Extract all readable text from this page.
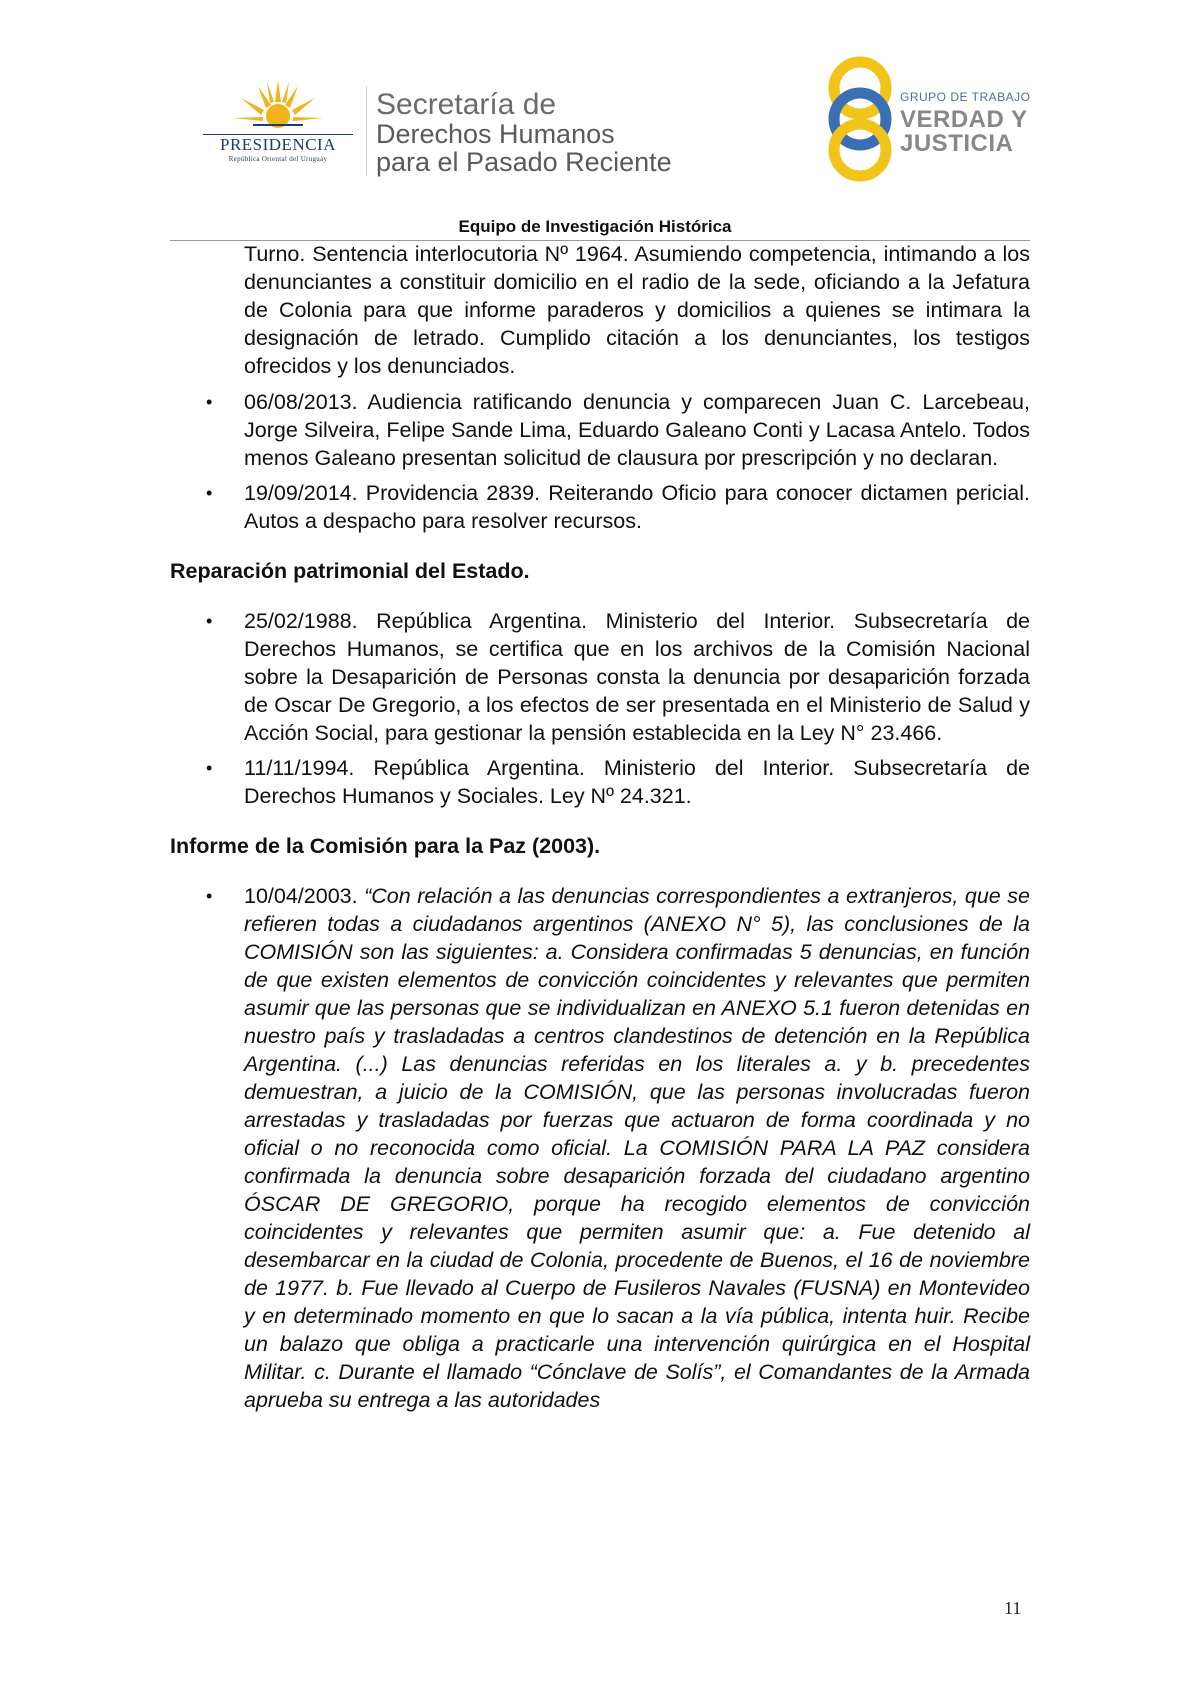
PRESIDENCIA
República Oriental del Uruguay
Secretaría de
Derechos Humanos
para el Pasado Reciente
GRUPO DE TRABAJO
VERDAD Y
JUSTICIA
Equipo de Investigación Histórica

Turno. Sentencia interlocutoria Nº 1964. Asumiendo competencia, intimando a los denunciantes a constituir domicilio en el radio de la sede, oficiando a la Jefatura de Colonia para que informe paraderos y domicilios a quienes se intimara la designación de letrado. Cumplido citación a los denunciantes, los testigos ofrecidos y los denunciados.

• 06/08/2013. Audiencia ratificando denuncia y comparecen Juan C. Larcebeau, Jorge Silveira, Felipe Sande Lima, Eduardo Galeano Conti y Lacasa Antelo. Todos menos Galeano presentan solicitud de clausura por prescripción y no declaran.
• 19/09/2014. Providencia 2839. Reiterando Oficio para conocer dictamen pericial. Autos a despacho para resolver recursos.
Reparación patrimonial del Estado.
• 25/02/1988. República Argentina. Ministerio del Interior. Subsecretaría de Derechos Humanos, se certifica que en los archivos de la Comisión Nacional sobre la Desaparición de Personas consta la denuncia por desaparición forzada de Oscar De Gregorio, a los efectos de ser presentada en el Ministerio de Salud y Acción Social, para gestionar la pensión establecida en la Ley N° 23.466.
• 11/11/1994. República Argentina. Ministerio del Interior. Subsecretaría de Derechos Humanos y Sociales. Ley Nº 24.321.
Informe de la Comisión para la Paz (2003).
• 10/04/2003. “Con relación a las denuncias correspondientes a extranjeros, que se refieren todas a ciudadanos argentinos (ANEXO N° 5), las conclusiones de la COMISIÓN son las siguientes: a. Considera confirmadas 5 denuncias, en función de que existen elementos de convicción coincidentes y relevantes que permiten asumir que las personas que se individualizan en ANEXO 5.1 fueron detenidas en nuestro país y trasladadas a centros clandestinos de detención en la República Argentina. (...) Las denuncias referidas en los literales a. y b. precedentes demuestran, a juicio de la COMISIÓN, que las personas involucradas fueron arrestadas y trasladadas por fuerzas que actuaron de forma coordinada y no oficial o no reconocida como oficial. La COMISIÓN PARA LA PAZ considera confirmada la denuncia sobre desaparición forzada del ciudadano argentino ÓSCAR DE GREGORIO, porque ha recogido elementos de convicción coincidentes y relevantes que permiten asumir que: a. Fue detenido al desembarcar en la ciudad de Colonia, procedente de Buenos, el 16 de noviembre de 1977. b. Fue llevado al Cuerpo de Fusileros Navales (FUSNA) en Montevideo y en determinado momento en que lo sacan a la vía pública, intenta huir. Recibe un balazo que obliga a practicarle una intervención quirúrgica en el Hospital Militar. c. Durante el llamado “Cónclave de Solís”, el Comandantes de la Armada aprueba su entrega a las autoridades
11
